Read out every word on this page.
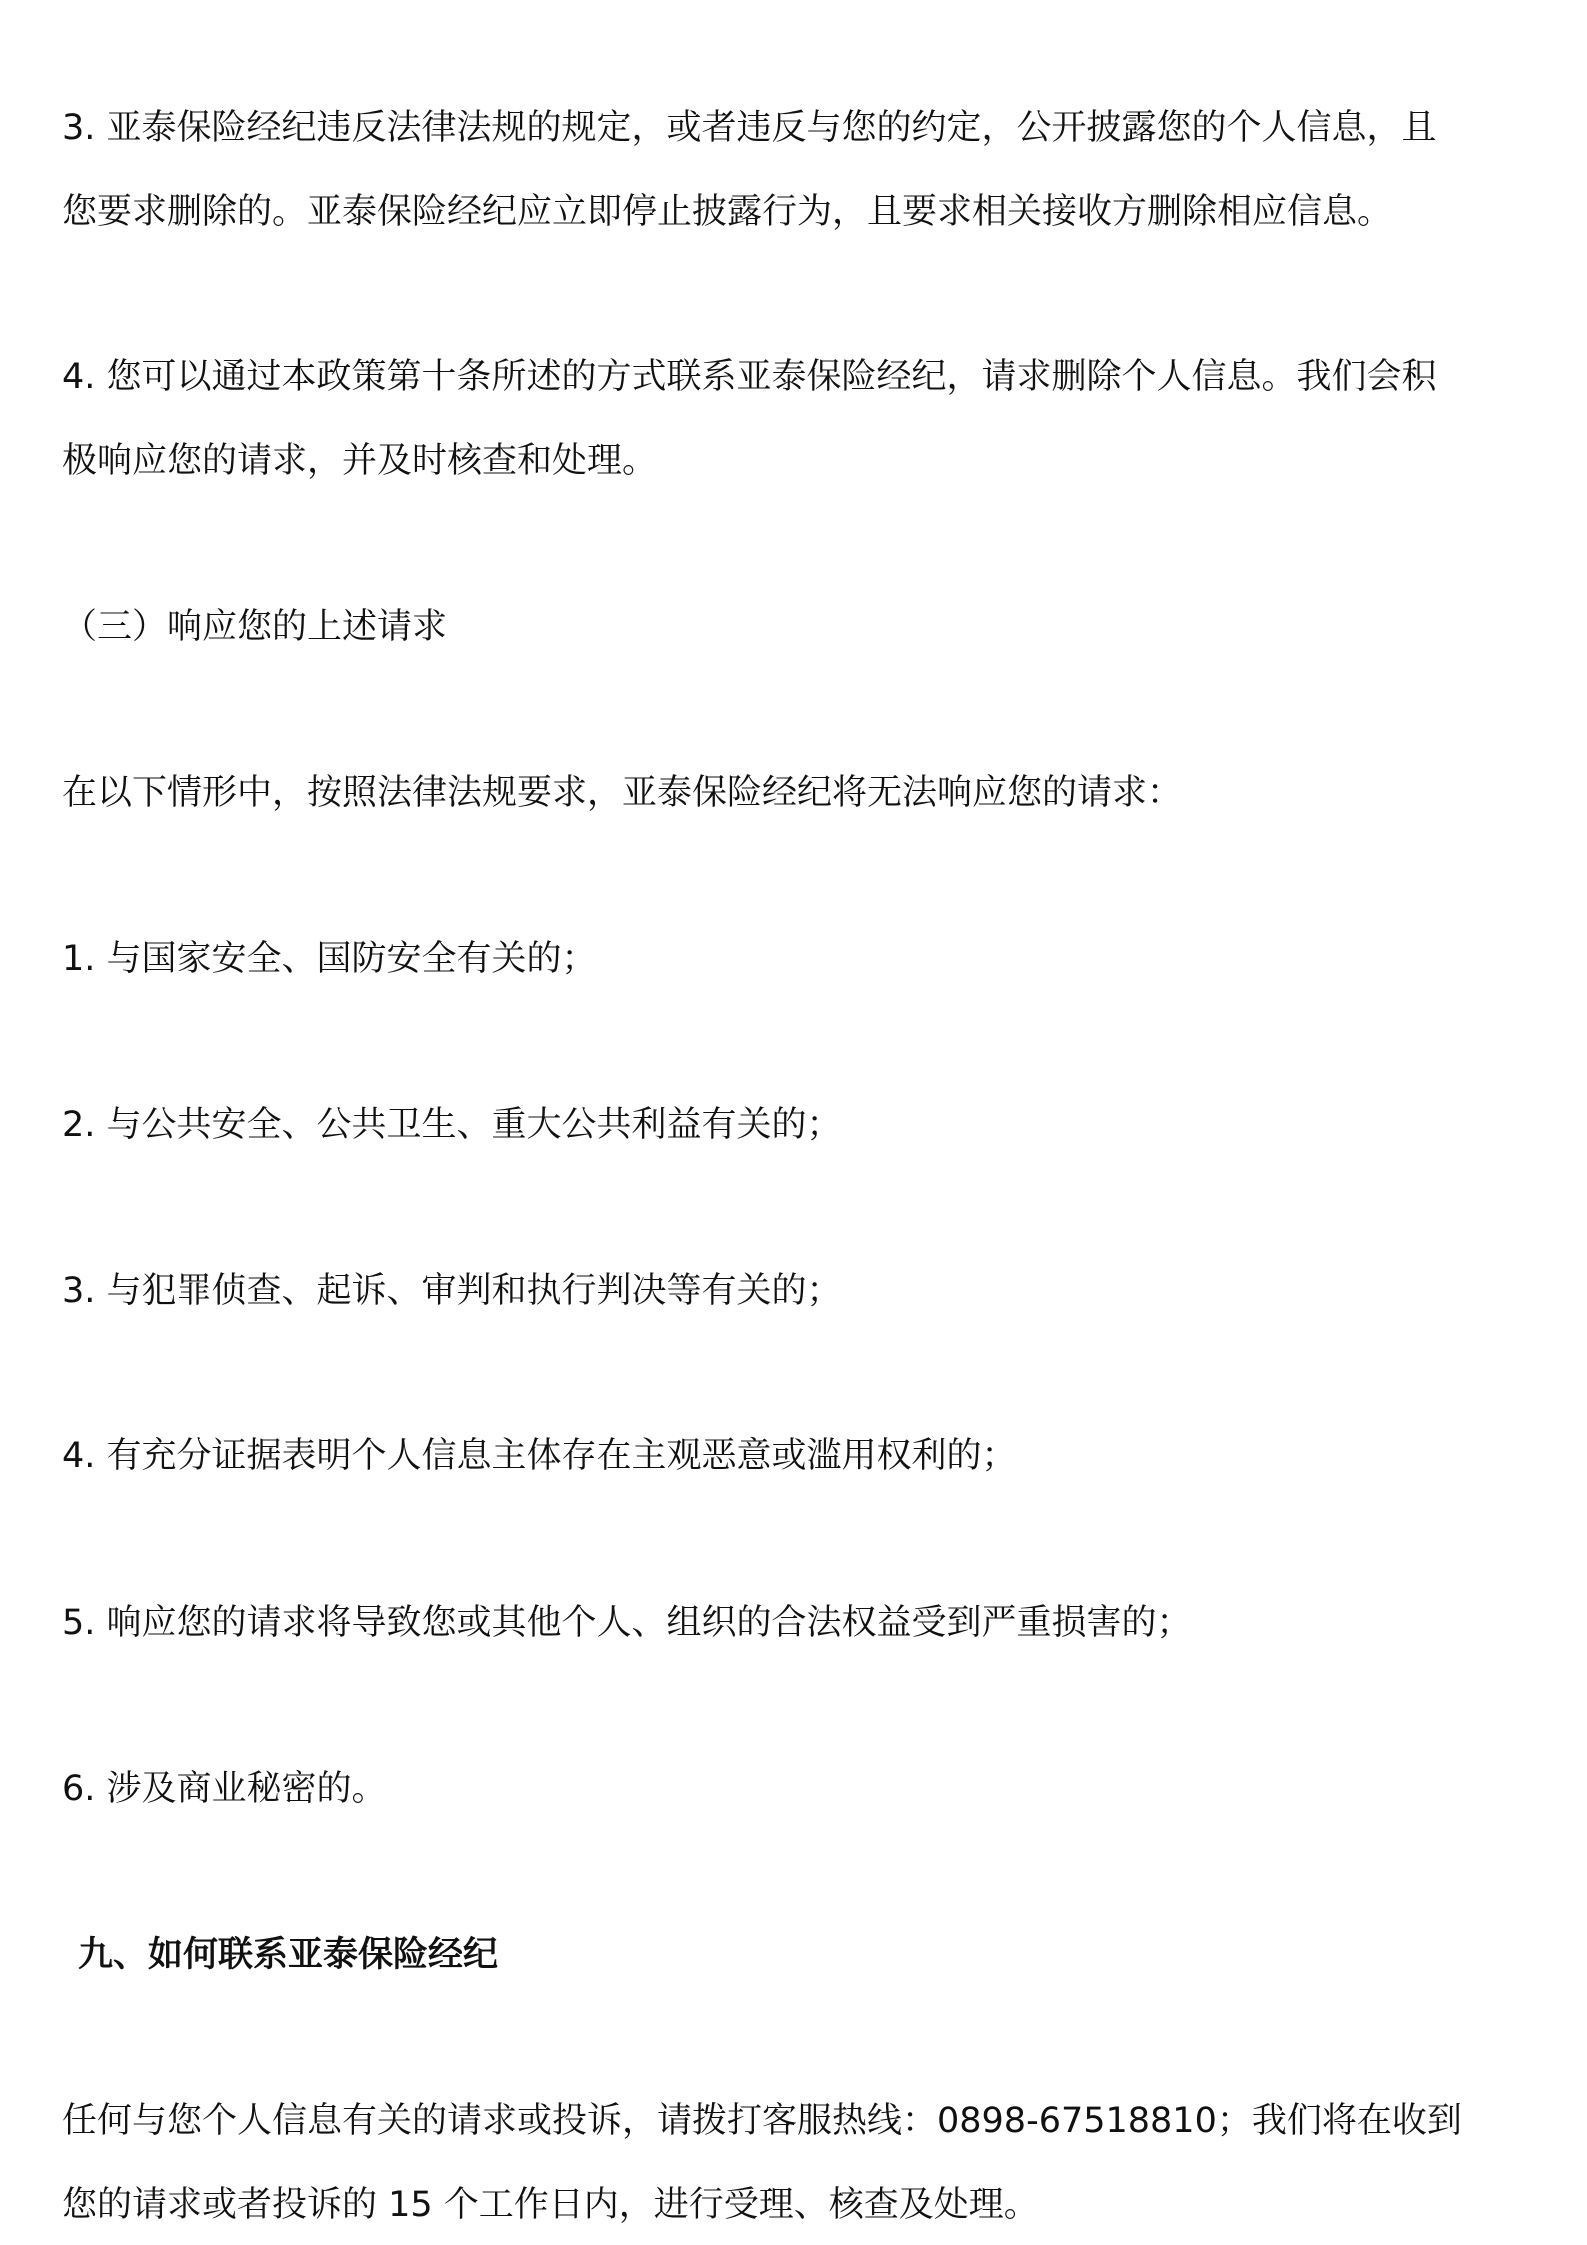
3. 亚泰保险经纪违反法律法规的规定，或者违反与您的约定，公开披露您的个人信息，且
您要求删除的。亚泰保险经纪应立即停止披露行为，且要求相关接收方删除相应信息。
4. 您可以通过本政策第十条所述的方式联系亚泰保险经纪，请求删除个人信息。我们会积
极响应您的请求，并及时核查和处理。
（三）响应您的上述请求
在以下情形中，按照法律法规要求，亚泰保险经纪将无法响应您的请求：
1. 与国家安全、国防安全有关的；
2. 与公共安全、公共卫生、重大公共利益有关的；
3. 与犯罪侦查、起诉、审判和执行判决等有关的；
4. 有充分证据表明个人信息主体存在主观恶意或滥用权利的；
5. 响应您的请求将导致您或其他个人、组织的合法权益受到严重损害的；
6. 涉及商业秘密的。
九、如何联系亚泰保险经纪
任何与您个人信息有关的请求或投诉，请拨打客服热线：0898-67518810；我们将在收到
您的请求或者投诉的 15 个工作日内，进行受理、核查及处理。
